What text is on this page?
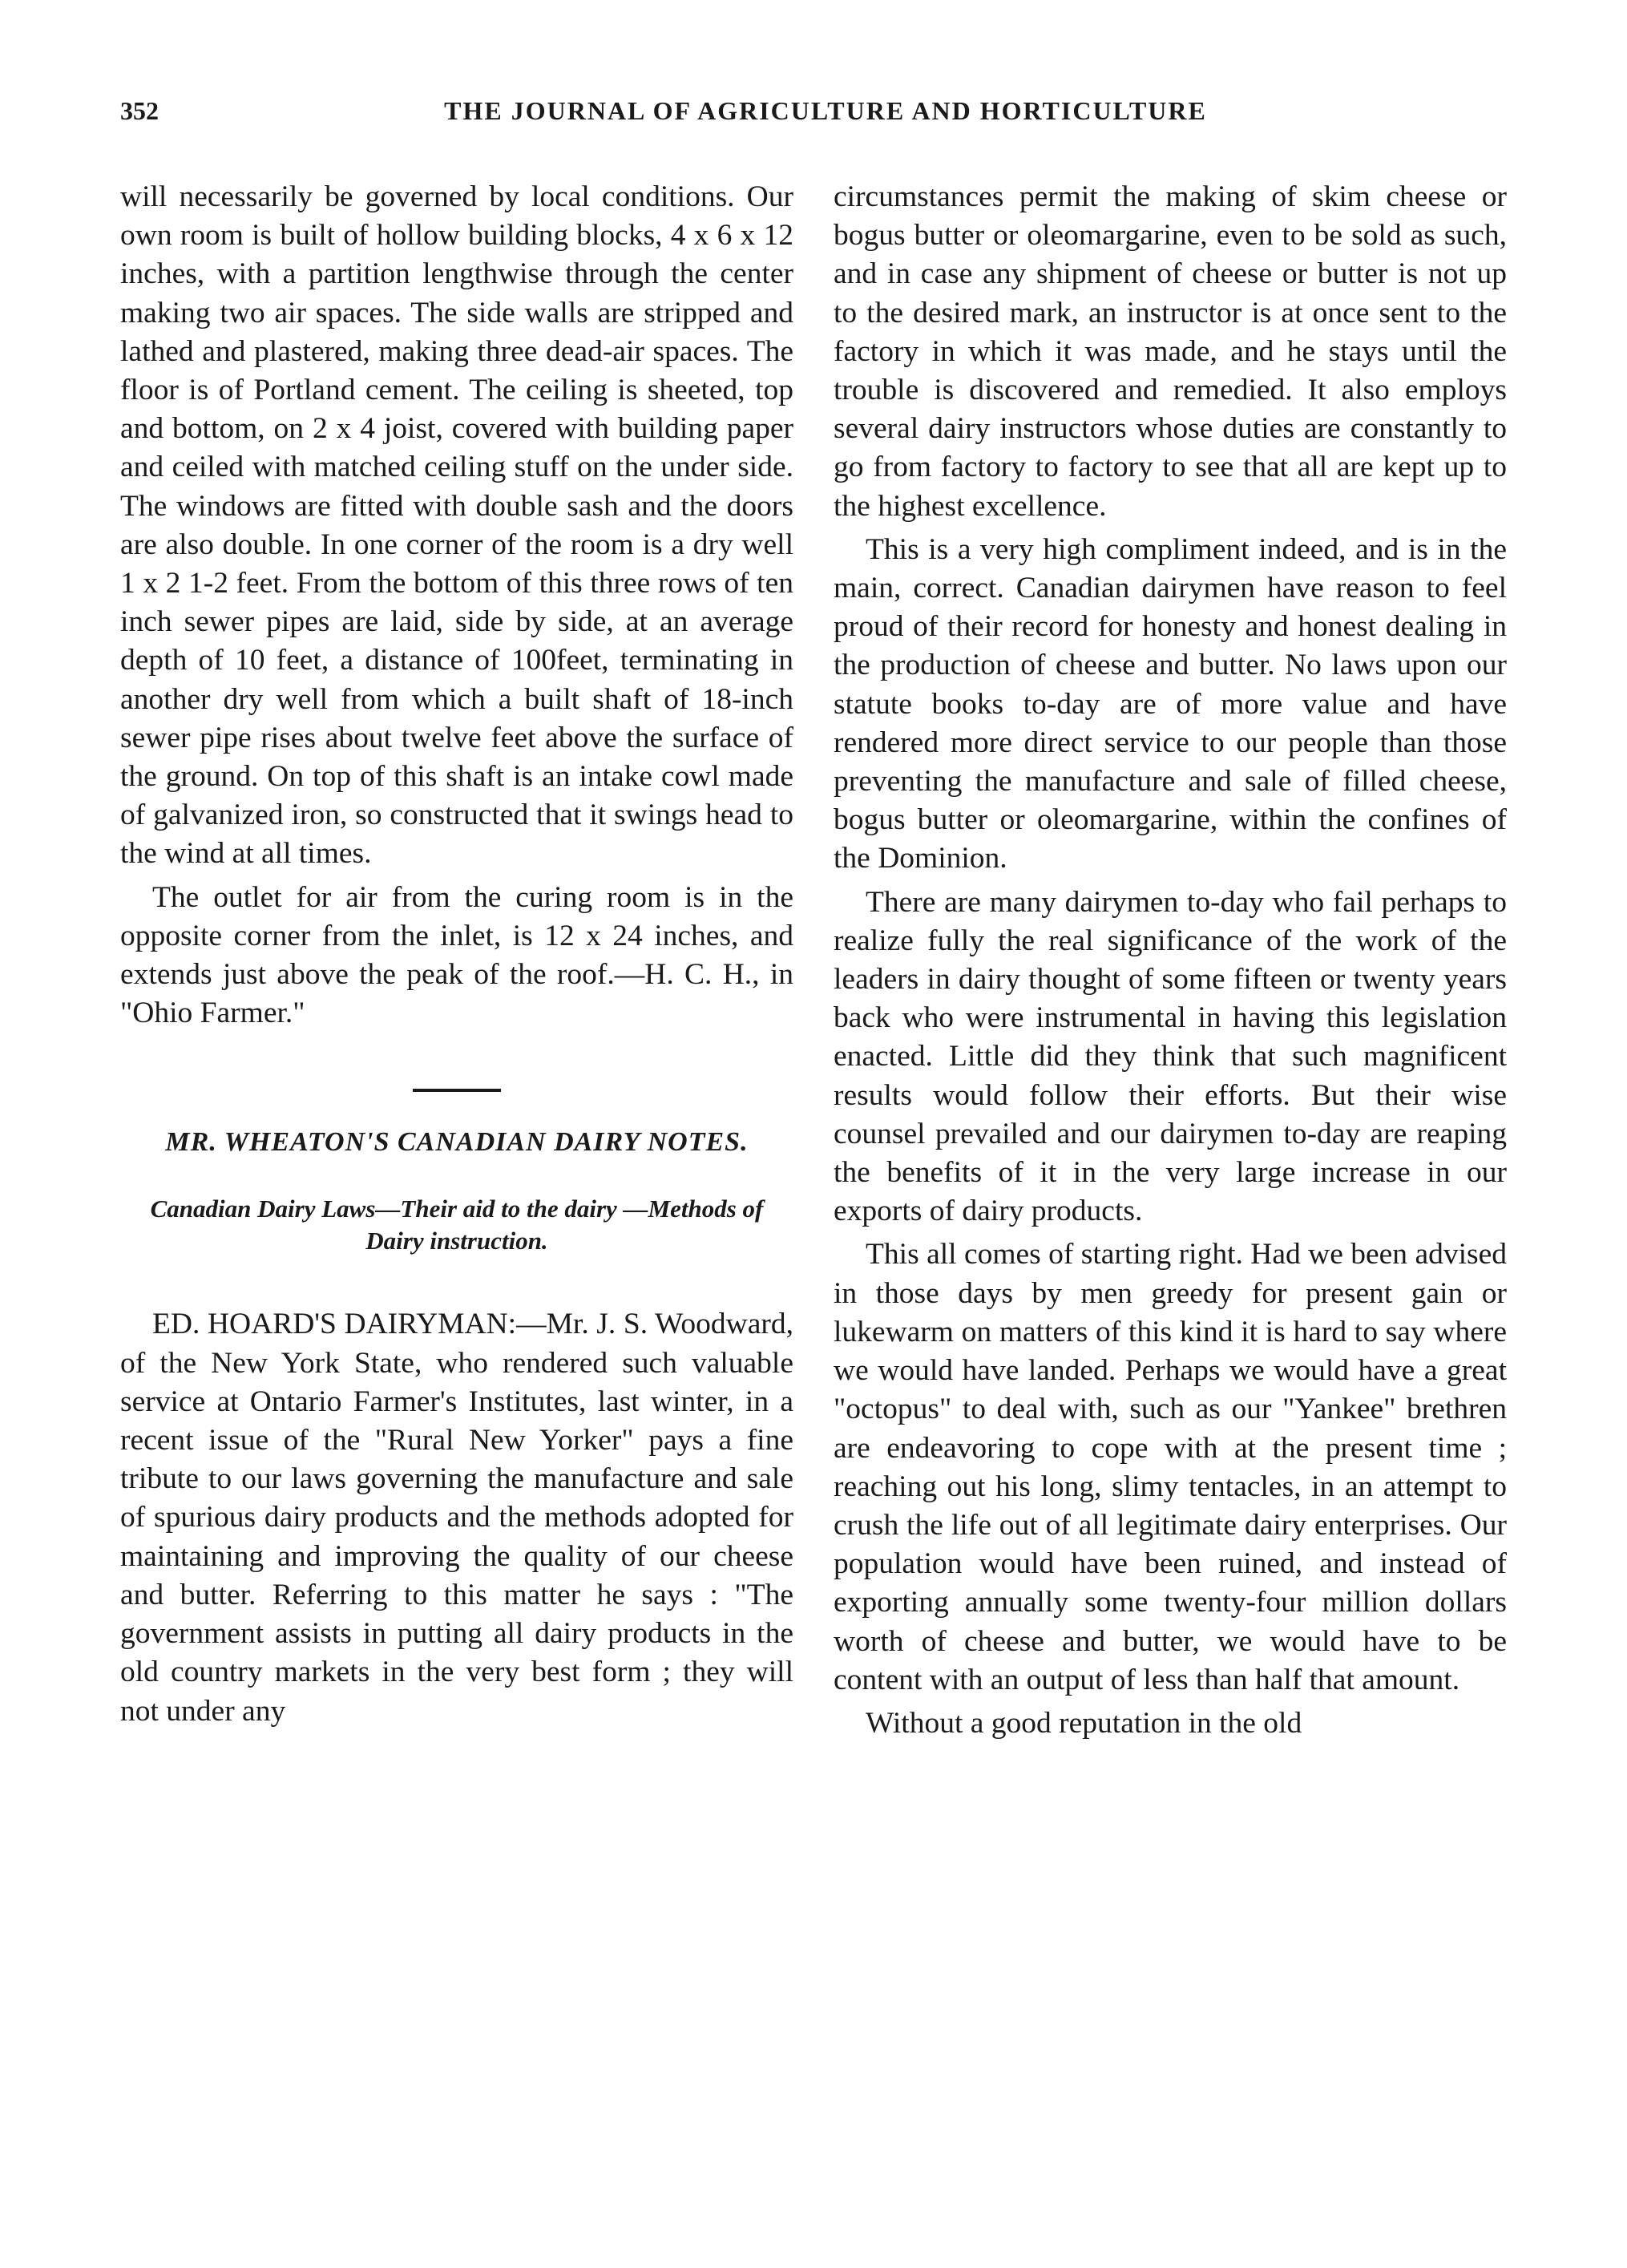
352	THE JOURNAL OF AGRICULTURE AND HORTICULTURE

will necessarily be governed by local conditions. Our own room is built of hollow building blocks, 4 x 6 x 12 inches, with a partition lengthwise through the center making two air spaces. The side walls are stripped and lathed and plastered, making three dead-air spaces. The floor is of Portland cement. The ceiling is sheeted, top and bottom, on 2 x 4 joist, covered with building paper and ceiled with matched ceiling stuff on the under side. The windows are fitted with double sash and the doors are also double. In one corner of the room is a dry well 1 x 2 1-2 feet. From the bottom of this three rows of ten inch sewer pipes are laid, side by side, at an average depth of 10 feet, a distance of 100feet, terminating in another dry well from which a built shaft of 18-inch sewer pipe rises about twelve feet above the surface of the ground. On top of this shaft is an intake cowl made of galvanized iron, so constructed that it swings head to the wind at all times.

The outlet for air from the curing room is in the opposite corner from the inlet, is 12 x 24 inches, and extends just above the peak of the roof.—H. C. H., in "Ohio Farmer."

MR. WHEATON'S CANADIAN DAIRY NOTES.
Canadian Dairy Laws—Their aid to the dairy —Methods of Dairy instruction.

ED. HOARD'S DAIRYMAN:—Mr. J. S. Woodward, of the New York State, who rendered such valuable service at Ontario Farmer's Institutes, last winter, in a recent issue of the "Rural New Yorker" pays a fine tribute to our laws governing the manufacture and sale of spurious dairy products and the methods adopted for maintaining and improving the quality of our cheese and butter. Referring to this matter he says : "The government assists in putting all dairy products in the old country markets in the very best form ; they will not under any

circumstances permit the making of skim cheese or bogus butter or oleomargarine, even to be sold as such, and in case any shipment of cheese or butter is not up to the desired mark, an instructor is at once sent to the factory in which it was made, and he stays until the trouble is discovered and remedied. It also employs several dairy instructors whose duties are constantly to go from factory to factory to see that all are kept up to the highest excellence.

This is a very high compliment indeed, and is in the main, correct. Canadian dairymen have reason to feel proud of their record for honesty and honest dealing in the production of cheese and butter. No laws upon our statute books to-day are of more value and have rendered more direct service to our people than those preventing the manufacture and sale of filled cheese, bogus butter or oleomargarine, within the confines of the Dominion.

There are many dairymen to-day who fail perhaps to realize fully the real significance of the work of the leaders in dairy thought of some fifteen or twenty years back who were instrumental in having this legislation enacted. Little did they think that such magnificent results would follow their efforts. But their wise counsel prevailed and our dairymen to-day are reaping the benefits of it in the very large increase in our exports of dairy products.

This all comes of starting right. Had we been advised in those days by men greedy for present gain or lukewarm on matters of this kind it is hard to say where we would have landed. Perhaps we would have a great "octopus" to deal with, such as our "Yankee" brethren are endeavoring to cope with at the present time ; reaching out his long, slimy tentacles, in an attempt to crush the life out of all legitimate dairy enterprises. Our population would have been ruined, and instead of exporting annually some twenty-four million dollars worth of cheese and butter, we would have to be content with an output of less than half that amount.

Without a good reputation in the old
